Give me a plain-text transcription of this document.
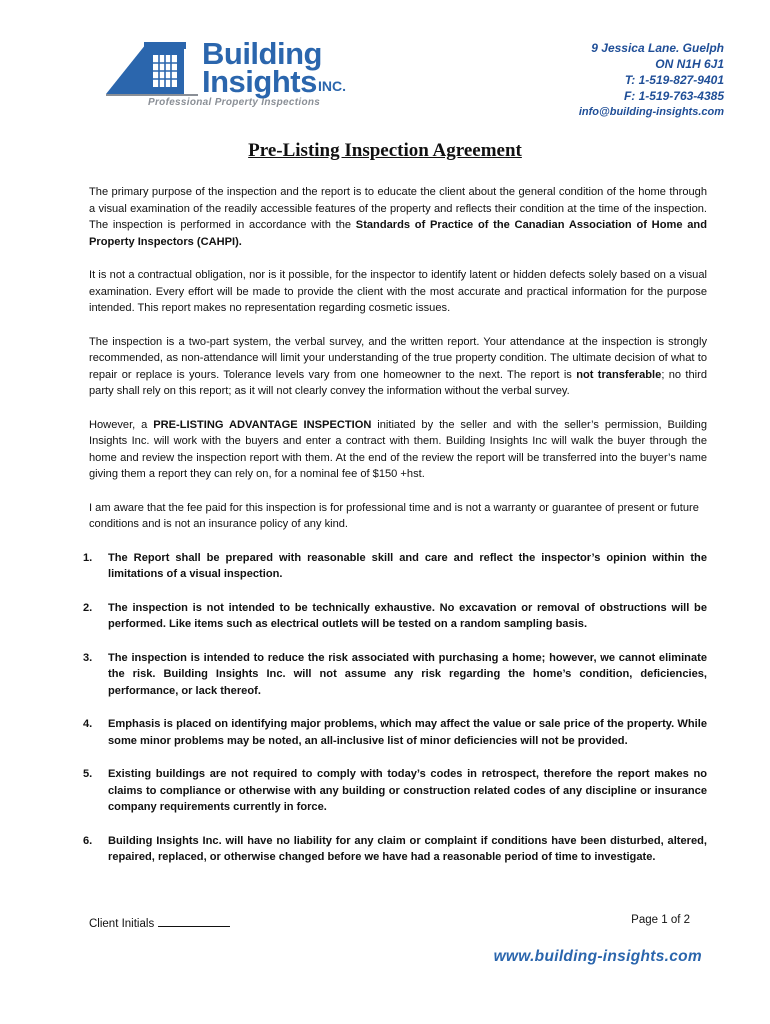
Building
Insights INC.
Professional Property Inspections
9 Jessica Lane. Guelph
ON N1H 6J1
T: 1-519-827-9401
F: 1-519-763-4385
info@building-insights.com
Pre-Listing Inspection Agreement

The primary purpose of the inspection and the report is to educate the client about the general condition of the home through a visual examination of the readily accessible features of the property and reflects their condition at the time of the inspection. The inspection is performed in accordance with the Standards of Practice of the Canadian Association of Home and Property Inspectors (CAHPI).

It is not a contractual obligation, nor is it possible, for the inspector to identify latent or hidden defects solely based on a visual examination. Every effort will be made to provide the client with the most accurate and practical information for the purpose intended. This report makes no representation regarding cosmetic issues.

The inspection is a two-part system, the verbal survey, and the written report. Your attendance at the inspection is strongly recommended, as non-attendance will limit your understanding of the true property condition. The ultimate decision of what to repair or replace is yours. Tolerance levels vary from one homeowner to the next. The report is not transferable; no third party shall rely on this report; as it will not clearly convey the information without the verbal survey.

However, a PRE-LISTING ADVANTAGE INSPECTION initiated by the seller and with the seller’s permission, Building Insights Inc. will work with the buyers and enter a contract with them. Building Insights Inc will walk the buyer through the home and review the inspection report with them. At the end of the review the report will be transferred into the buyer’s name giving them a report they can rely on, for a nominal fee of $150 +hst.

I am aware that the fee paid for this inspection is for professional time and is not a warranty or guarantee of present or future conditions and is not an insurance policy of any kind.

1. The Report shall be prepared with reasonable skill and care and reflect the inspector’s opinion within the limitations of a visual inspection.
2. The inspection is not intended to be technically exhaustive. No excavation or removal of obstructions will be performed. Like items such as electrical outlets will be tested on a random sampling basis.
3. The inspection is intended to reduce the risk associated with purchasing a home; however, we cannot eliminate the risk. Building Insights Inc. will not assume any risk regarding the home’s condition, deficiencies, performance, or lack thereof.
4. Emphasis is placed on identifying major problems, which may affect the value or sale price of the property. While some minor problems may be noted, an all-inclusive list of minor deficiencies will not be provided.
5. Existing buildings are not required to comply with today’s codes in retrospect, therefore the report makes no claims to compliance or otherwise with any building or construction related codes of any discipline or insurance company requirements currently in force.
6. Building Insights Inc. will have no liability for any claim or complaint if conditions have been disturbed, altered, repaired, replaced, or otherwise changed before we have had a reasonable period of time to investigate.
Client Initials	Page 1 of 2
www.building-insights.com
